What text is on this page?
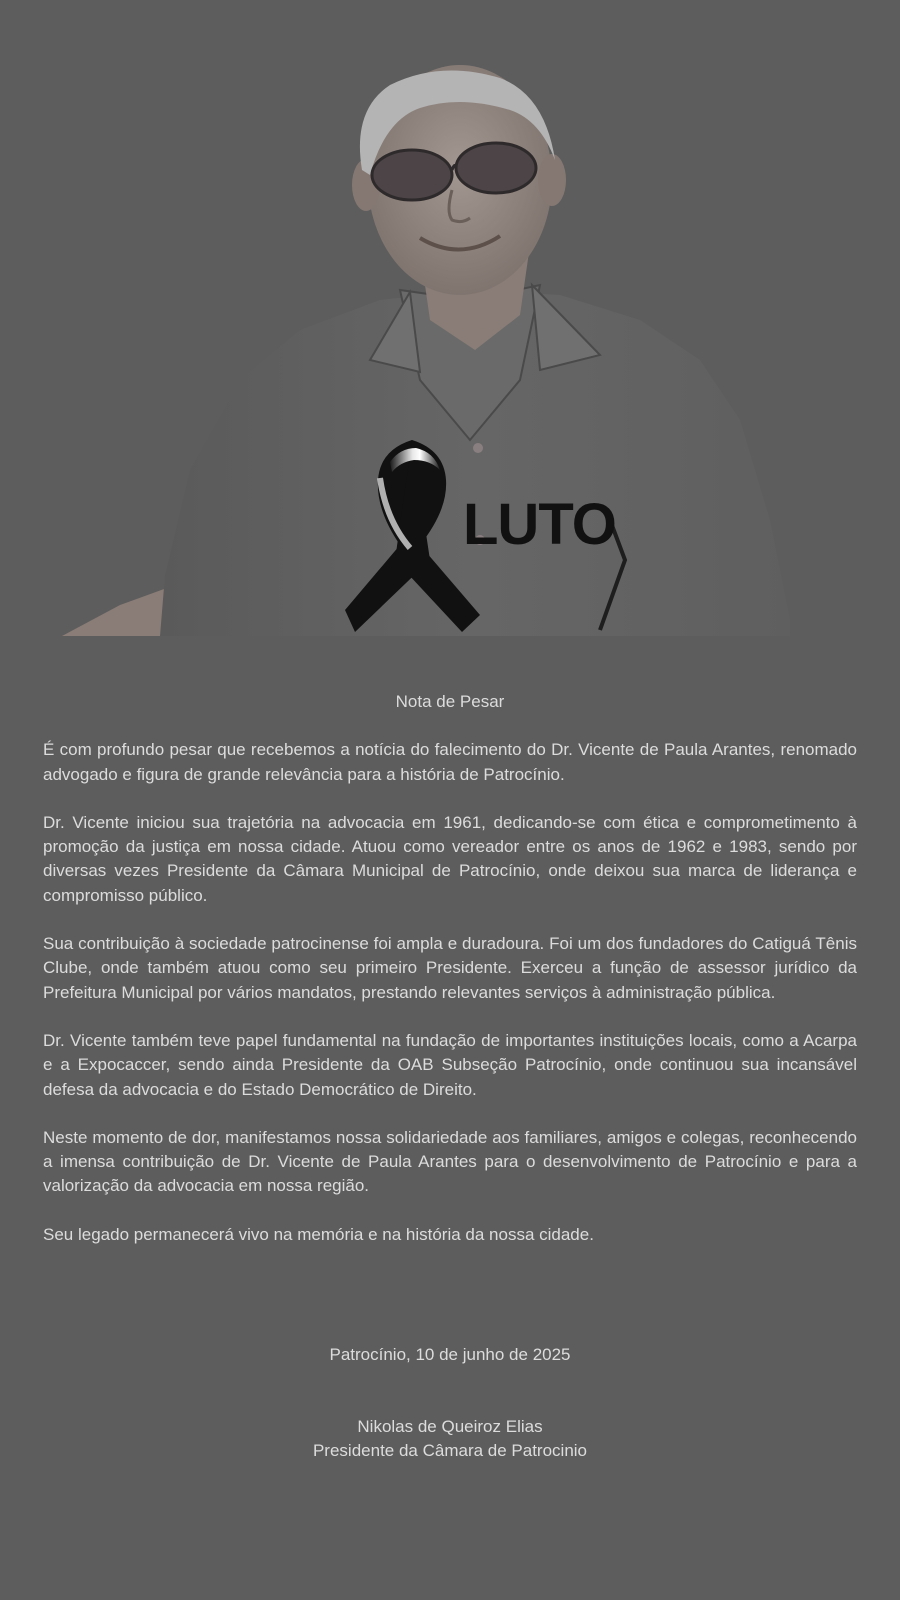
LUTO
Nota de Pesar

É com profundo pesar que recebemos a notícia do falecimento do Dr. Vicente de Paula Arantes, renomado advogado e figura de grande relevância para a história de Patrocínio.

Dr. Vicente iniciou sua trajetória na advocacia em 1961, dedicando-se com ética e comprometimento à promoção da justiça em nossa cidade. Atuou como vereador entre os anos de 1962 e 1983, sendo por diversas vezes Presidente da Câmara Municipal de Patrocínio, onde deixou sua marca de liderança e compromisso público.

Sua contribuição à sociedade patrocinense foi ampla e duradoura. Foi um dos fundadores do Catiguá Tênis Clube, onde também atuou como seu primeiro Presidente. Exerceu a função de assessor jurídico da Prefeitura Municipal por vários mandatos, prestando relevantes serviços à administração pública.

Dr. Vicente também teve papel fundamental na fundação de importantes instituições locais, como a Acarpa e a Expocaccer, sendo ainda Presidente da OAB Subseção Patrocínio, onde continuou sua incansável defesa da advocacia e do Estado Democrático de Direito.

Neste momento de dor, manifestamos nossa solidariedade aos familiares, amigos e colegas, reconhecendo a imensa contribuição de Dr. Vicente de Paula Arantes para o desenvolvimento de Patrocínio e para a valorização da advocacia em nossa região.

Seu legado permanecerá vivo na memória e na história da nossa cidade.

Patrocínio, 10 de junho de 2025
Nikolas de Queiroz Elias
Presidente da Câmara de Patrocinio
